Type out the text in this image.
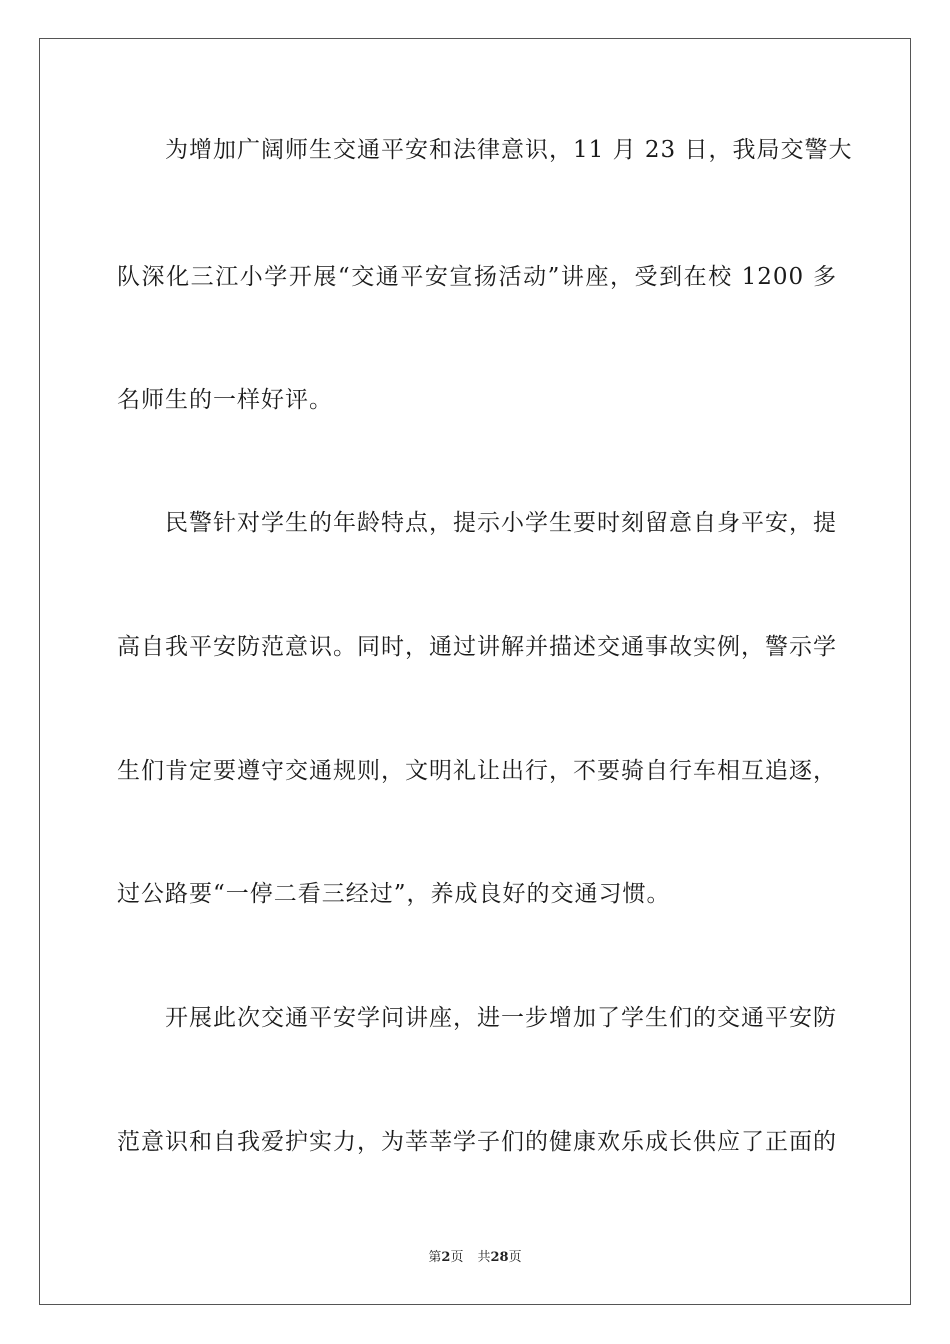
为增加广阔师生交通平安和法律意识，11 月 23 日，我局交警大
队深化三江小学开展“交通平安宣扬活动”讲座，受到在校 1200 多
名师生的一样好评。
民警针对学生的年龄特点，提示小学生要时刻留意自身平安，提
高自我平安防范意识。同时，通过讲解并描述交通事故实例，警示学
生们肯定要遵守交通规则，文明礼让出行，不要骑自行车相互追逐，
过公路要“一停二看三经过”，养成良好的交通习惯。
开展此次交通平安学问讲座，进一步增加了学生们的交通平安防
范意识和自我爱护实力，为莘莘学子们的健康欢乐成长供应了正面的
第2页 共28页
